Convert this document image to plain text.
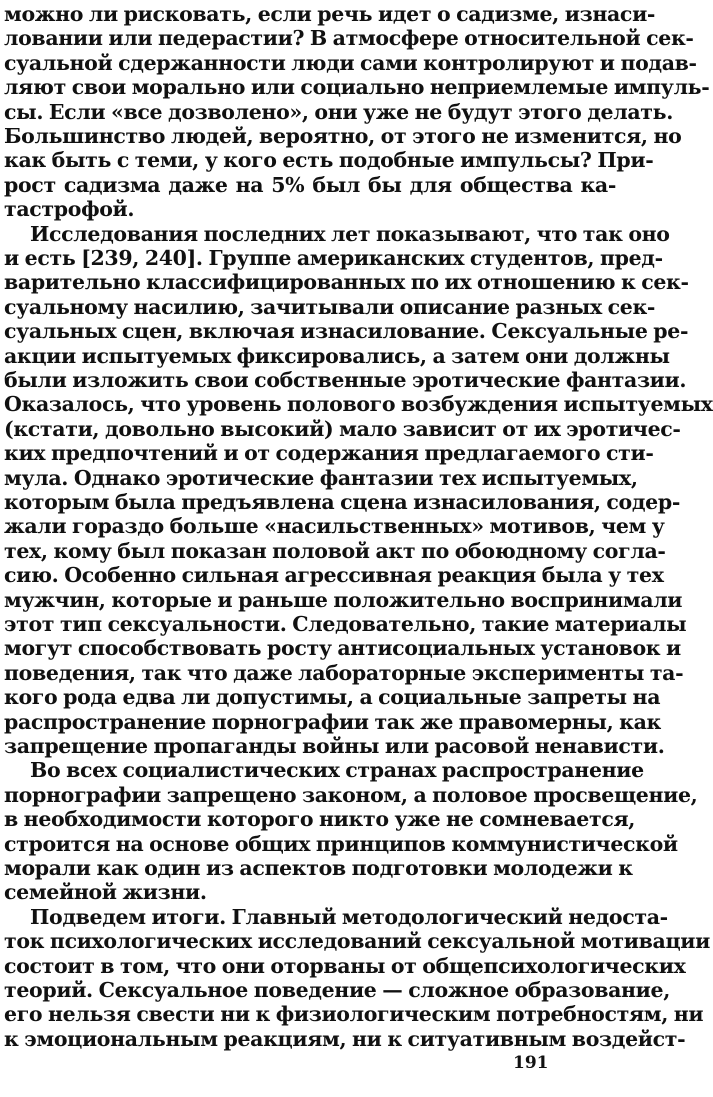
можно ли рисковать, если речь идет о садизме, изнаси-
ловании или педерастии? В атмосфере относительной сек-
суальной сдержанности люди сами контролируют и подав-
ляют свои морально или социально неприемлемые импуль-
сы. Если «все дозволено», они уже не будут этого делать.
Большинство людей, вероятно, от этого не изменится, но
как быть с теми, у кого есть подобные импульсы? При-
рост садизма даже на 5% был бы для общества ка-
тастрофой.
Исследования последних лет показывают, что так оно
и есть [239, 240]. Группе американских студентов, пред-
варительно классифицированных по их отношению к сек-
суальному насилию, зачитывали описание разных сек-
суальных сцен, включая изнасилование. Сексуальные ре-
акции испытуемых фиксировались, а затем они должны
были изложить свои собственные эротические фантазии.
Оказалось, что уровень полового возбуждения испытуемых
(кстати, довольно высокий) мало зависит от их эротичес-
ких предпочтений и от содержания предлагаемого сти-
мула. Однако эротические фантазии тех испытуемых,
которым была предъявлена сцена изнасилования, содер-
жали гораздо больше «насильственных» мотивов, чем у
тех, кому был показан половой акт по обоюдному согла-
сию. Особенно сильная агрессивная реакция была у тех
мужчин, которые и раньше положительно воспринимали
этот тип сексуальности. Следовательно, такие материалы
могут способствовать росту антисоциальных установок и
поведения, так что даже лабораторные эксперименты та-
кого рода едва ли допустимы, а социальные запреты на
распространение порнографии так же правомерны, как
запрещение пропаганды войны или расовой ненависти.
Во всех социалистических странах распространение
порнографии запрещено законом, а половое просвещение,
в необходимости которого никто уже не сомневается,
строится на основе общих принципов коммунистической
морали как один из аспектов подготовки молодежи к
семейной жизни.
Подведем итоги. Главный методологический недоста-
ток психологических исследований сексуальной мотивации
состоит в том, что они оторваны от общепсихологических
теорий. Сексуальное поведение — сложное образование,
его нельзя свести ни к физиологическим потребностям, ни
к эмоциональным реакциям, ни к ситуативным воздейст-
191
